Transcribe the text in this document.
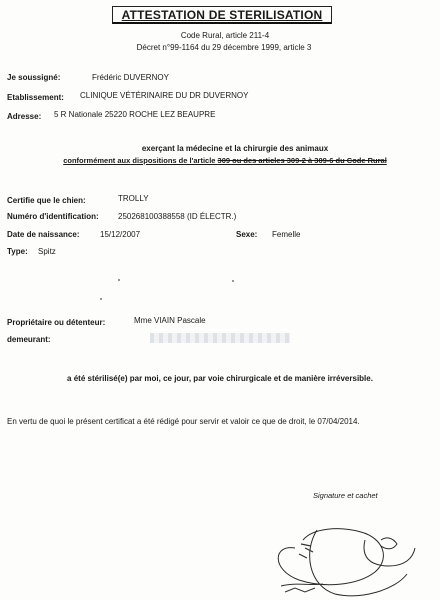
ATTESTATION DE STERILISATION
Code Rural, article 211-4
Décret n°99-1164 du 29 décembre 1999, article 3
Je soussigné:	Frédéric DUVERNOY
Etablissement: CLINIQUE VÉTÉRINAIRE DU DR DUVERNOY
Adresse: 5 R Nationale 25220 ROCHE LEZ BEAUPRE
exerçant la médecine et la chirurgie des animaux
conformément aux dispositions de l'article 309 ou des articles 309-2 à 309-6 du Code Rural
Certifie que le chien:	TROLLY
Numéro d'identification: 250268100388558 (ID ÉLECTR.)
Date de naissance:	15/12/2007	Sexe: Femelle
Type: Spitz
Propriétaire ou détenteur:	Mme VIAIN Pascale
demeurant:
a été stérilisé(e) par moi, ce jour, par voie chirurgicale et de manière irréversible.
En vertu de quoi le présent certificat a été rédigé pour servir et valoir ce que de droit, le 07/04/2014.
Signature et cachet
